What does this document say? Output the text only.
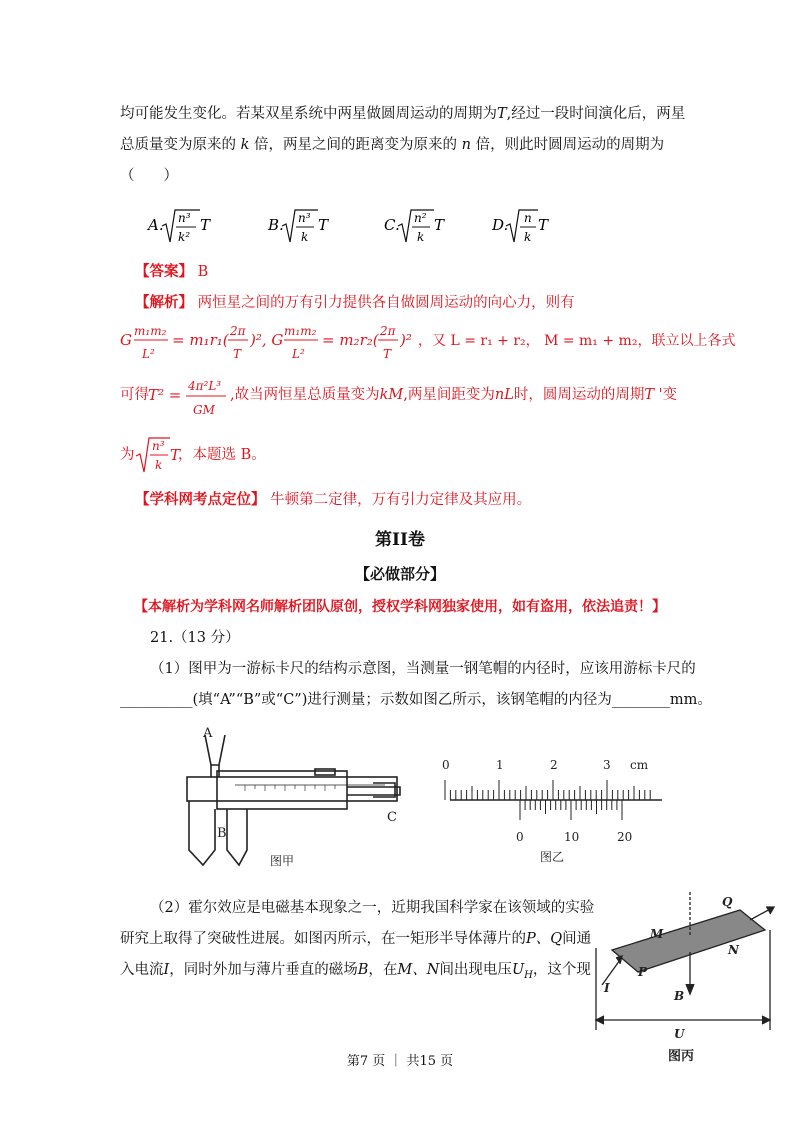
均可能发生变化。若某双星系统中两星做圆周运动的周期为T,经过一段时间演化后，两星
总质量变为原来的 k 倍，两星之间的距离变为原来的 n 倍，则此时圆周运动的周期为
（　　）
A. n³
k²
T	B. n³
k
T	C. n²
k
T	D. n
k
T
【答案】 B
【解析】 两恒星之间的万有引力提供各自做圆周运动的向心力，则有
G m₁m₂
L²
= m₁r₁( 2π
T
)², G m₁m₂
L²
= m₂r₂( 2π
T
)² ，又 L = r₁ + r₂， M = m₁ + m₂，联立以上各式
可得 T² = 4π²L³
GM
,故当两恒星总质量变为kM,两星间距变为nL时，圆周运动的周期T '变
为
n³
k
T
，本题选 B。
【学科网考点定位】 牛顿第二定律，万有引力定律及其应用。
第II卷
【必做部分】
【本解析为学科网名师解析团队原创，授权学科网独家使用，如有盗用，依法追责！】
21.（13 分）
（1）图甲为一游标卡尺的结构示意图，当测量一钢笔帽的内径时，应该用游标卡尺的
__________(填“A”“B”或“C”)进行测量；示数如图乙所示，该钢笔帽的内径为________mm。
A
B
C
图甲
0	1	2	3 cm
0	10	20
图乙
（2）霍尔效应是电磁基本现象之一，近期我国科学家在该领域的实验
研究上取得了突破性进展。如图丙所示，在一矩形半导体薄片的P、Q间通
入电流I，同时外加与薄片垂直的磁场B，在M、N间出现电压$U_H$，这个现
Q
M
N
P
I
B
U
图丙
第7 页 ｜ 共15 页
